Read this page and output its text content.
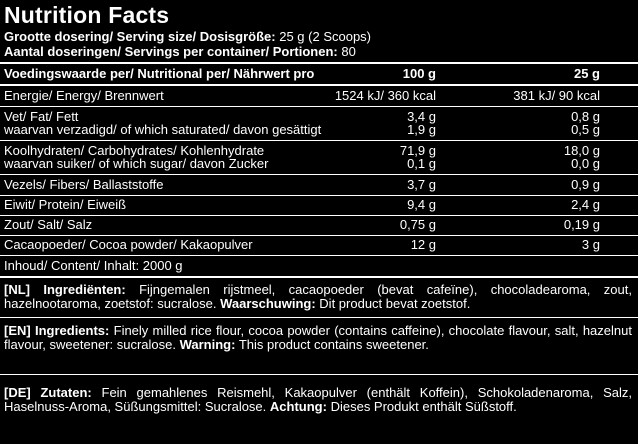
Nutrition Facts
Grootte dosering/ Serving size/ Dosisgröße: 25 g (2 Scoops)
Aantal doseringen/ Servings per container/ Portionen: 80
Voedingswaarde per/ Nutritional per/ Nährwert pro	100 g	25 g
Energie/ Energy/ Brennwert	1524 kJ/ 360 kcal	381 kJ/ 90 kcal
Vet/ Fat/ Fett	3,4 g	0,8 g
waarvan verzadigd/ of which saturated/ davon gesättigt	1,9 g	0,5 g
Koolhydraten/ Carbohydrates/ Kohlenhydrate	71,9 g	18,0 g
waarvan suiker/ of which sugar/ davon Zucker	0,1 g	0,0 g
Vezels/ Fibers/ Ballaststoffe	3,7 g	0,9 g
Eiwit/ Protein/ Eiweiß	9,4 g	2,4 g
Zout/ Salt/ Salz	0,75 g	0,19 g
Cacaopoeder/ Cocoa powder/ Kakaopulver	12 g	3 g
Inhoud/ Content/ Inhalt: 2000 g
[NL] Ingrediënten: Fijngemalen rijstmeel, cacaopoeder (bevat cafeïne), chocoladearoma, zout, hazelnootaroma, zoetstof: sucralose. Waarschuwing: Dit product bevat zoetstof.
[EN] Ingredients: Finely milled rice flour, cocoa powder (contains caffeine), chocolate flavour, salt, hazelnut flavour, sweetener: sucralose. Warning: This product contains sweetener.
[DE] Zutaten: Fein gemahlenes Reismehl, Kakaopulver (enthält Koffein), Schokoladenaroma, Salz, Haselnuss-Aroma, Süßungsmittel: Sucralose. Achtung: Dieses Produkt enthält Süßstoff.
